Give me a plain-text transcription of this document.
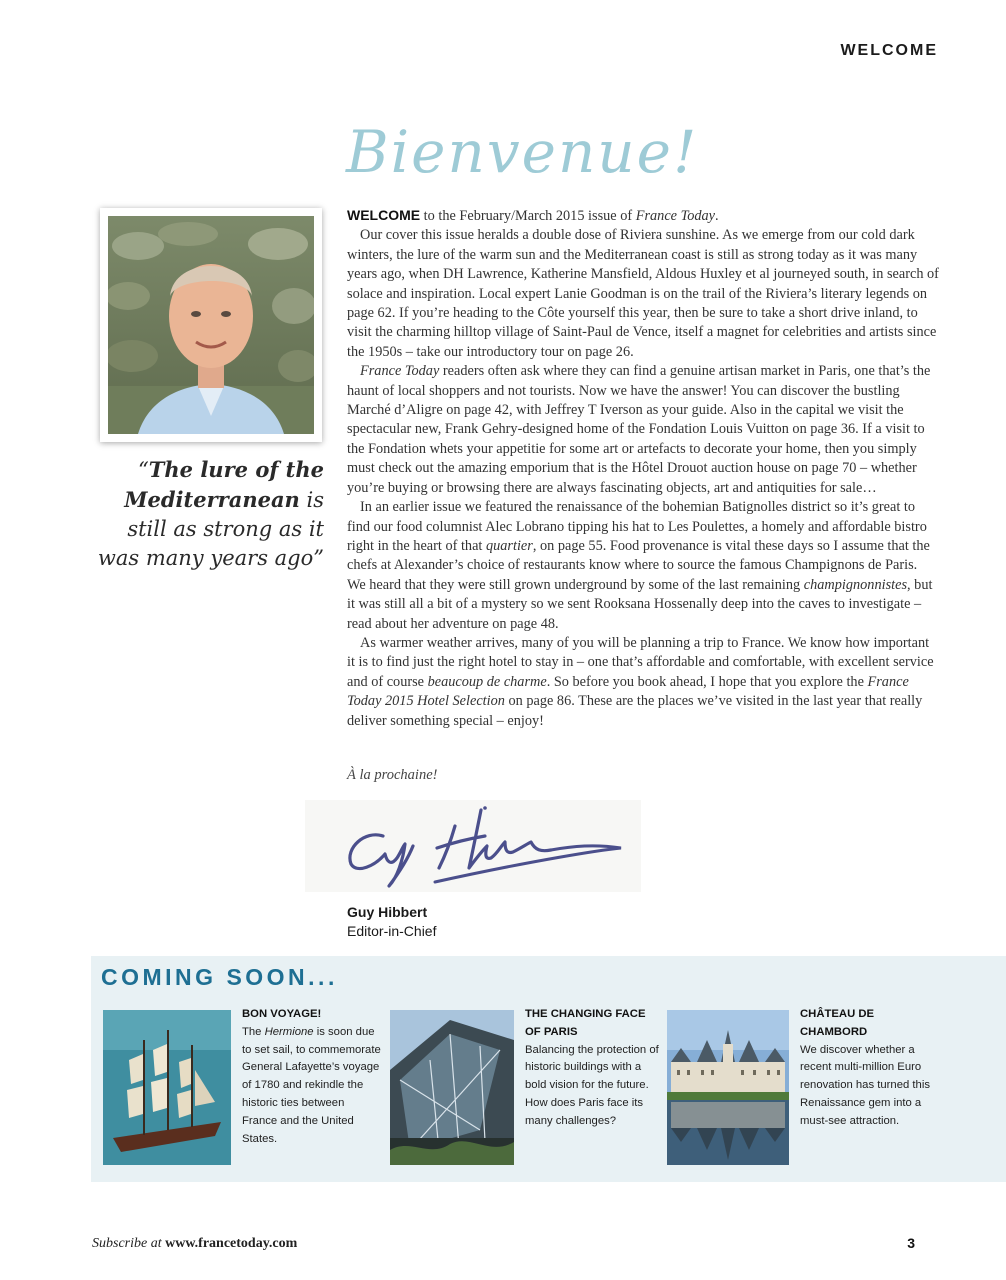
WELCOME
Bienvenue!
“The lure of the Mediterranean is still as strong as it was many years ago”

WELCOME to the February/March 2015 issue of France Today.

Our cover this issue heralds a double dose of Riviera sunshine. As we emerge from our cold dark winters, the lure of the warm sun and the Mediterranean coast is still as strong today as it was many years ago, when DH Lawrence, Katherine Mansfield, Aldous Huxley et al journeyed south, in search of solace and inspiration. Local expert Lanie Goodman is on the trail of the Riviera’s literary legends on page 62. If you’re heading to the Côte yourself this year, then be sure to take a short drive inland, to visit the charming hilltop village of Saint-Paul de Vence, itself a magnet for celebrities and artists since the 1950s – take our introductory tour on page 26.

France Today readers often ask where they can find a genuine artisan market in Paris, one that’s the haunt of local shoppers and not tourists. Now we have the answer! You can discover the bustling Marché d’Aligre on page 42, with Jeffrey T Iverson as your guide. Also in the capital we visit the spectacular new, Frank Gehry-designed home of the Fondation Louis Vuitton on page 36. If a visit to the Fondation whets your appetitie for some art or artefacts to decorate your home, then you simply must check out the amazing emporium that is the Hôtel Drouot auction house on page 70 – whether you’re buying or browsing there are always fascinating objects, art and antiquities for sale…

In an earlier issue we featured the renaissance of the bohemian Batignolles district so it’s great to find our food columnist Alec Lobrano tipping his hat to Les Poulettes, a homely and affordable bistro right in the heart of that quartier, on page 55. Food provenance is vital these days so I assume that the chefs at Alexander’s choice of restaurants know where to source the famous Champignons de Paris. We heard that they were still grown underground by some of the last remaining champignonnistes, but it was still all a bit of a mystery so we sent Rooksana Hossenally deep into the caves to investigate – read about her adventure on page 48.

As warmer weather arrives, many of you will be planning a trip to France. We know how important it is to find just the right hotel to stay in – one that’s affordable and comfortable, with excellent service and of course beaucoup de charme. So before you book ahead, I hope that you explore the France Today 2015 Hotel Selection on page 86. These are the places we’ve visited in the last year that really deliver something special – enjoy!

À la prochaine!
Guy Hibbert
Editor-in-Chief
COMING SOON...
BON VOYAGE!
The Hermione is soon due to set sail, to commemorate General Lafayette’s voyage of 1780 and rekindle the historic ties between France and the United States.
THE CHANGING FACE OF PARIS
Balancing the protection of historic buildings with a bold vision for the future. How does Paris face its many challenges?
CHÂTEAU DE CHAMBORD
We discover whether a recent multi-million Euro renovation has turned this Renaissance gem into a must-see attraction.
Subscribe at www.francetoday.com	3
